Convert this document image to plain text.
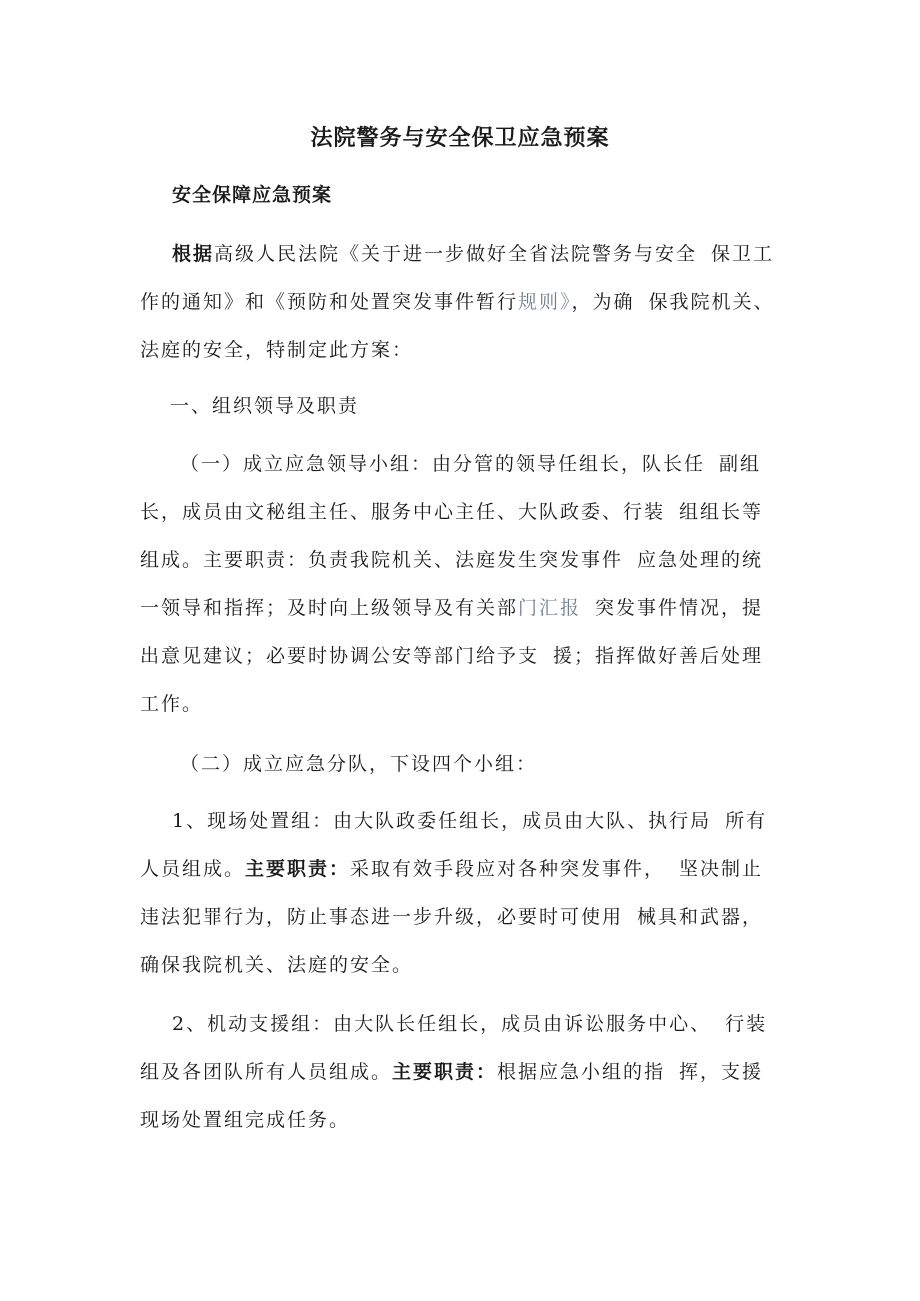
法院警务与安全保卫应急预案
安全保障应急预案

根据高级人民法院《关于进一步做好全省法院警务与安全 保卫工
作的通知》和《预防和处置突发事件暂行规则》，为确 保我院机关、
法庭的安全，特制定此方案：

一、组织领导及职责

（一）成立应急领导小组：由分管的领导任组长，队长任 副组
长，成员由文秘组主任、服务中心主任、大队政委、行装 组组长等
组成。主要职责：负责我院机关、法庭发生突发事件 应急处理的统
一领导和指挥；及时向上级领导及有关部门汇报 突发事件情况，提
出意见建议；必要时协调公安等部门给予支 援；指挥做好善后处理
工作。

（二）成立应急分队，下设四个小组：

1、现场处置组：由大队政委任组长，成员由大队、执行局 所有
人员组成。主要职责：采取有效手段应对各种突发事件， 坚决制止
违法犯罪行为，防止事态进一步升级，必要时可使用 械具和武器，
确保我院机关、法庭的安全。

2、机动支援组：由大队长任组长，成员由诉讼服务中心、 行装
组及各团队所有人员组成。主要职责：根据应急小组的指 挥，支援
现场处置组完成任务。
